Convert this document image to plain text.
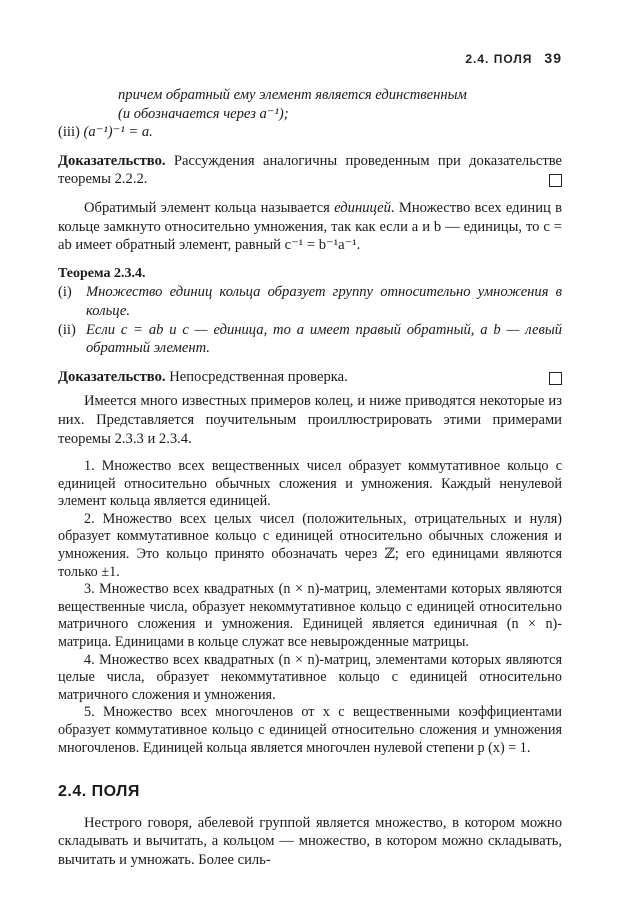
2.4. ПОЛЯ 39

причем обратный ему элемент является единственным

(и обозначается через a⁻¹);

(iii) (a⁻¹)⁻¹ = a.

Доказательство. Рассуждения аналогичны проведенным при доказательстве теоремы 2.2.2.

Обратимый элемент кольца называется единицей. Множество всех единиц в кольце замкнуто относительно умножения, так как если a и b — единицы, то c = ab имеет обратный элемент, равный c⁻¹ = b⁻¹a⁻¹.

Теорема 2.3.4.

(i) Множество единиц кольца образует группу относительно умножения в кольце.

(ii) Если c = ab и c — единица, то a имеет правый обратный, а b — левый обратный элемент.

Доказательство. Непосредственная проверка.

Имеется много известных примеров колец, и ниже приводятся некоторые из них. Представляется поучительным проиллюстрировать этими примерами теоремы 2.3.3 и 2.3.4.

1. Множество всех вещественных чисел образует коммутативное кольцо с единицей относительно обычных сложения и умножения. Каждый ненулевой элемент кольца является единицей.

2. Множество всех целых чисел (положительных, отрицательных и нуля) образует коммутативное кольцо с единицей относительно обычных сложения и умножения. Это кольцо принято обозначать через ℤ; его единицами являются только ±1.

3. Множество всех квадратных (n × n)-матриц, элементами которых являются вещественные числа, образует некоммутативное кольцо с единицей относительно матричного сложения и умножения. Единицей является единичная (n × n)-матрица. Единицами в кольце служат все невырожденные матрицы.

4. Множество всех квадратных (n × n)-матриц, элементами которых являются целые числа, образует некоммутативное кольцо с единицей относительно матричного сложения и умножения.

5. Множество всех многочленов от x с вещественными коэффициентами образует коммутативное кольцо с единицей относительно сложения и умножения многочленов. Единицей кольца является многочлен нулевой степени p (x) = 1.

2.4. ПОЛЯ

Нестрого говоря, абелевой группой является множество, в котором можно складывать и вычитать, а кольцом — множество, в котором можно складывать, вычитать и умножать. Более силь-
